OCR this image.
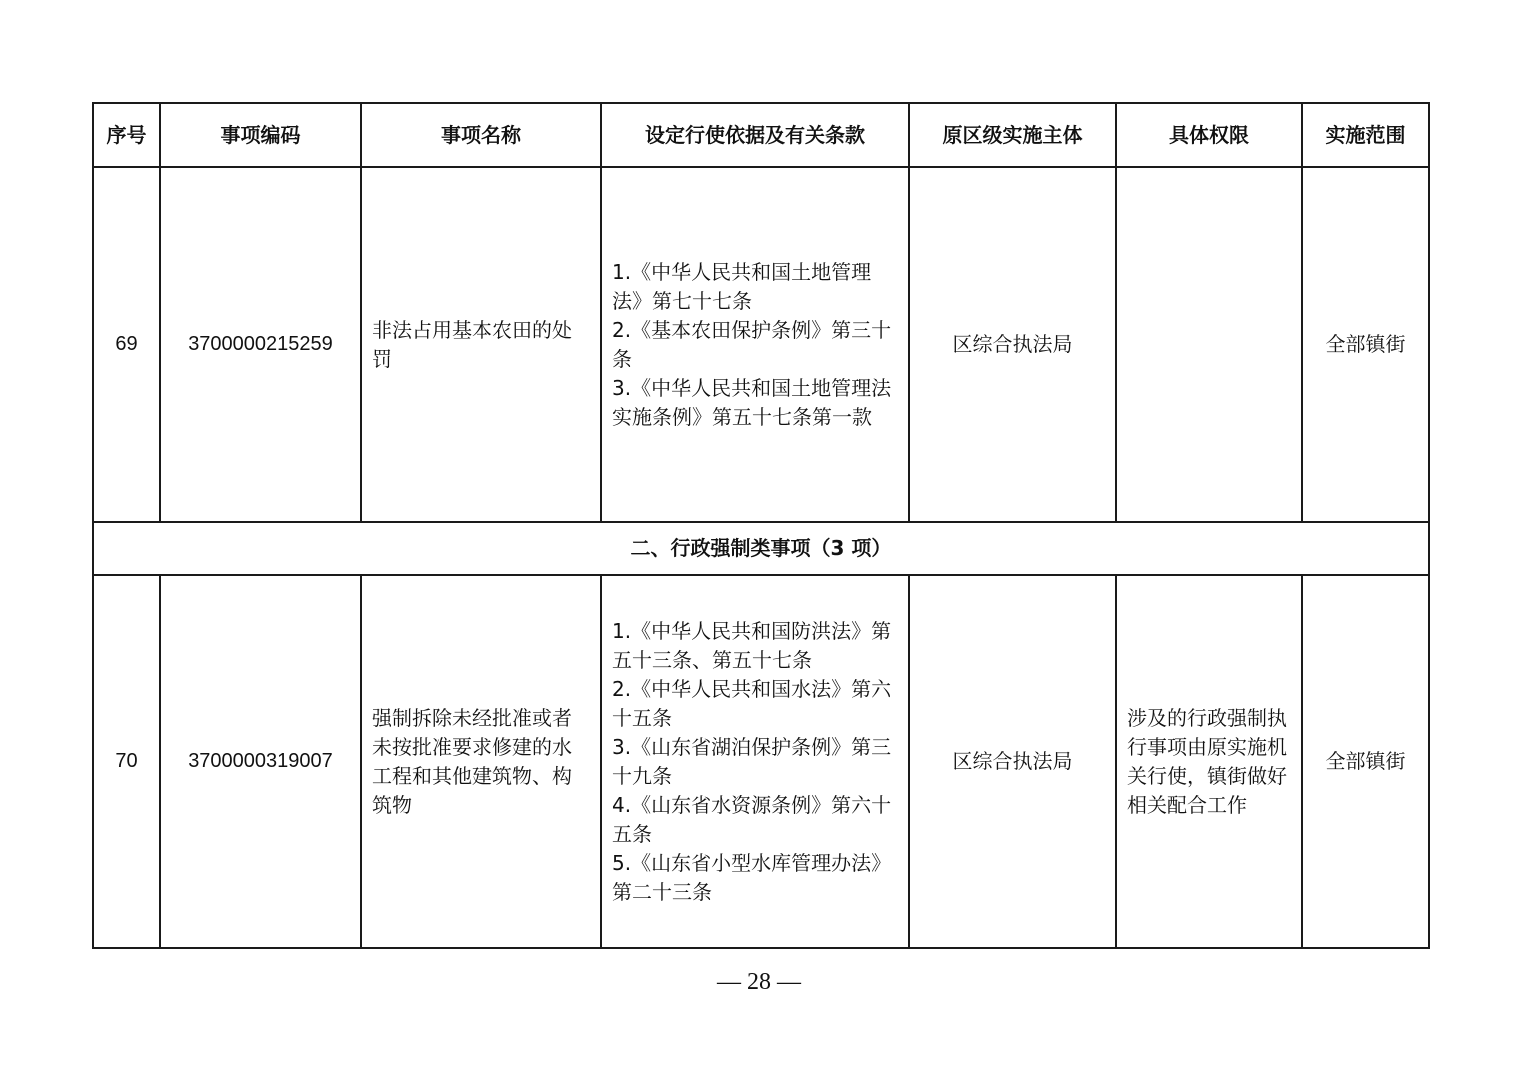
序号	事项编码	事项名称	设定行使依据及有关条款	原区级实施主体	具体权限	实施范围
69	3700000215259	非法占用基本农田的处罚	1.《中华人民共和国土地管理法》第七十七条
2.《基本农田保护条例》第三十条
3.《中华人民共和国土地管理法实施条例》第五十七条第一款	区综合执法局		全部镇街
二、行政强制类事项（3 项）						
70	3700000319007	强制拆除未经批准或者未按批准要求修建的水工程和其他建筑物、构筑物	1.《中华人民共和国防洪法》第五十三条、第五十七条
2.《中华人民共和国水法》第六十五条
3.《山东省湖泊保护条例》第三十九条
4.《山东省水资源条例》第六十五条
5.《山东省小型水库管理办法》第二十三条	区综合执法局	涉及的行政强制执行事项由原实施机关行使，镇街做好相关配合工作	全部镇街
— 28 —
